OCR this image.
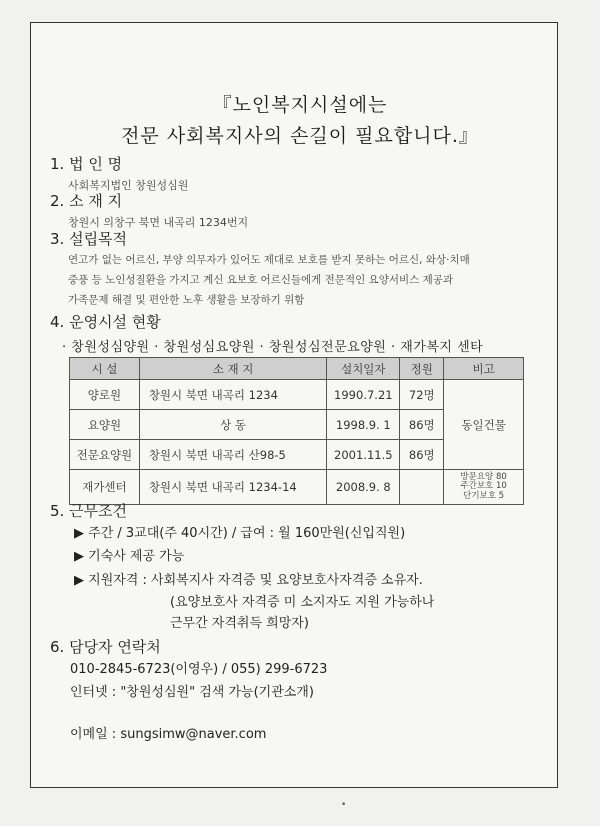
『노인복지시설에는
전문 사회복지사의 손길이 필요합니다.』
1. 법 인 명
사회복지법인 창원성심원
2. 소 재 지
창원시 의창구 북면 내곡리 1234번지
3. 설립목적
연고가 없는 어르신, 부양 의무자가 있어도 제대로 보호를 받지 못하는 어르신, 와상·치매
중풍 등 노인성질환을 가지고 계신 요보호 어르신들에게 전문적인 요양서비스 제공과
가족문제 해결 및 편안한 노후 생활을 보장하기 위함
4. 운영시설 현황
· 창원성심양원 · 창원성심요양원 · 창원성심전문요양원 · 재가복지 센타
시 설	소 재 지	설치일자	정원	비고
양로원	창원시 북면 내곡리 1234	1990.7.21	72명	동일건물
요양원	상 동	1998.9. 1	86명	
전문요양원	창원시 북면 내곡리 산98-5	2001.11.5	86명	
재가센터	창원시 북면 내곡리 1234-14	2008.9. 8		방문요양 80
주간보호 10
단기보호 5
5. 근무조건
▶ 주간 / 3교대(주 40시간) / 급여 : 월 160만원(신입직원)
▶ 기숙사 제공 가능
▶ 지원자격 : 사회복지사 자격증 및 요양보호사자격증 소유자.
(요양보호사 자격증 미 소지자도 지원 가능하나
근무간 자격취득 희망자)
6. 담당자 연락처
010-2845-6723(이영우) / 055) 299-6723
인터넷 : "창원성심원" 검색 가능(기관소개)
이메일 : sungsimw@naver.com
•
